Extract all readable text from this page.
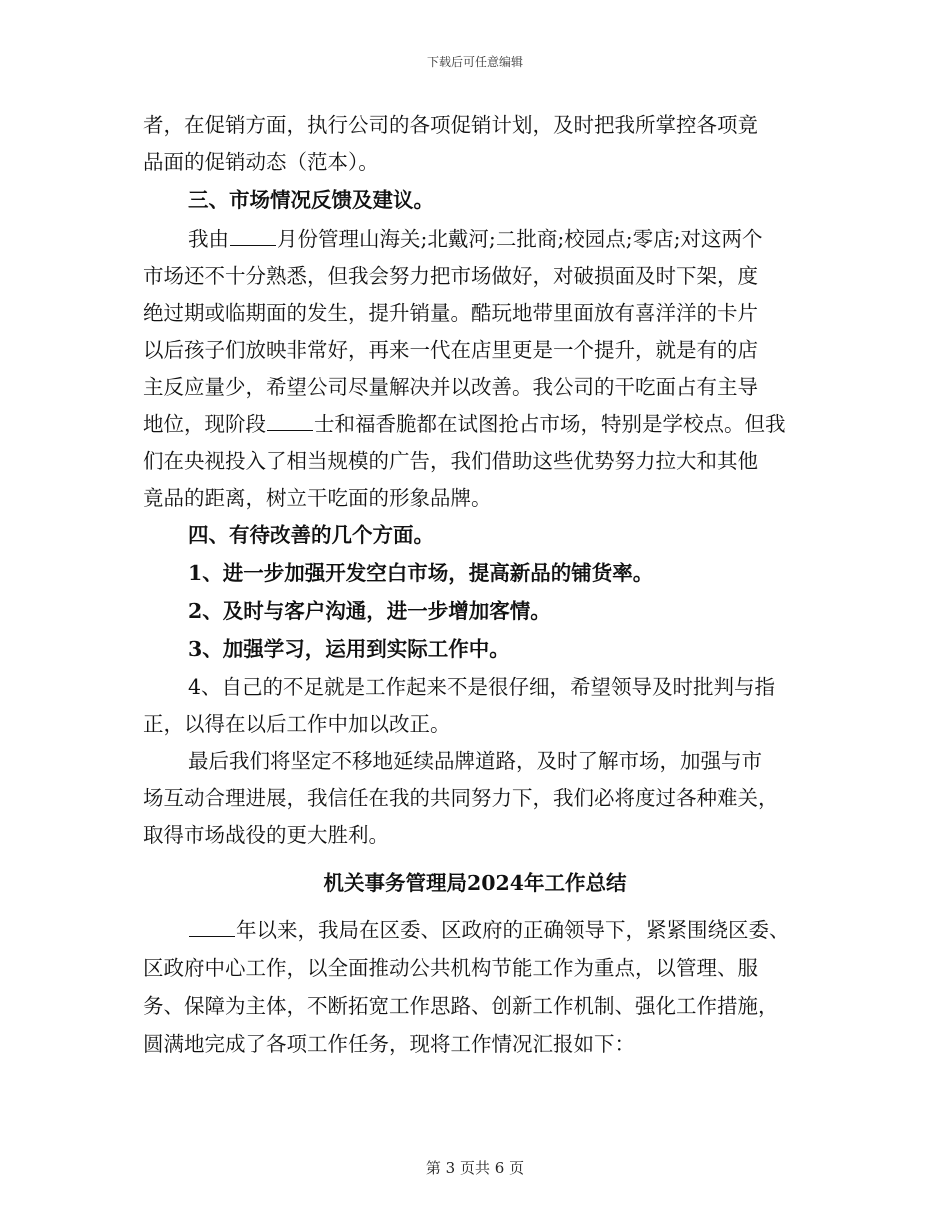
下载后可任意编辑
者，在促销方面，执行公司的各项促销计划，及时把我所掌控各项竟
品面的促销动态（范本）。
三、市场情况反馈及建议。
我由 月份管理山海关;北戴河;二批商;校园点;零店;对这两个
市场还不十分熟悉，但我会努力把市场做好，对破损面及时下架，度
绝过期或临期面的发生，提升销量。酷玩地带里面放有喜洋洋的卡片
以后孩子们放映非常好，再来一代在店里更是一个提升，就是有的店
主反应量少，希望公司尽量解决并以改善。我公司的干吃面占有主导
地位，现阶段 士和福香脆都在试图抢占市场，特别是学校点。但我
们在央视投入了相当规模的广告，我们借助这些优势努力拉大和其他
竟品的距离，树立干吃面的形象品牌。
四、有待改善的几个方面。
1、进一步加强开发空白市场，提高新品的铺货率。
2、及时与客户沟通，进一步增加客情。
3、加强学习，运用到实际工作中。
4、自己的不足就是工作起来不是很仔细，希望领导及时批判与指
正，以得在以后工作中加以改正。
最后我们将坚定不移地延续品牌道路，及时了解市场，加强与市
场互动合理进展，我信任在我的共同努力下，我们必将度过各种难关，
取得市场战役的更大胜利。
机关事务管理局2024年工作总结
年以来，我局在区委、区政府的正确领导下，紧紧围绕区委、
区政府中心工作，以全面推动公共机构节能工作为重点，以管理、服
务、保障为主体，不断拓宽工作思路、创新工作机制、强化工作措施，
圆满地完成了各项工作任务，现将工作情况汇报如下：
第 3 页共 6 页
